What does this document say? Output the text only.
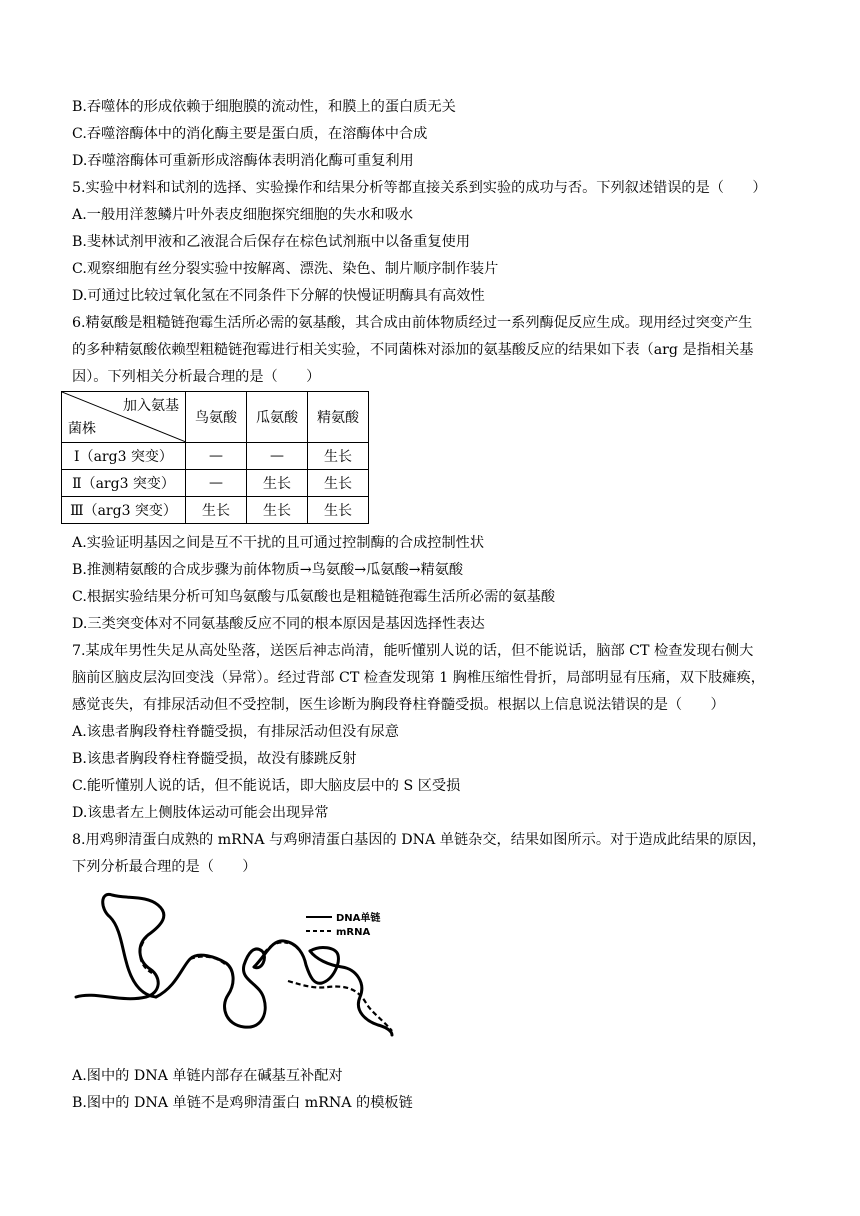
B.吞噬体的形成依赖于细胞膜的流动性，和膜上的蛋白质无关
C.吞噬溶酶体中的消化酶主要是蛋白质，在溶酶体中合成
D.吞噬溶酶体可重新形成溶酶体表明消化酶可重复利用
5.实验中材料和试剂的选择、实验操作和结果分析等都直接关系到实验的成功与否。下列叙述错误的是（　　）
A.一般用洋葱鳞片叶外表皮细胞探究细胞的失水和吸水
B.斐林试剂甲液和乙液混合后保存在棕色试剂瓶中以备重复使用
C.观察细胞有丝分裂实验中按解离、漂洗、染色、制片顺序制作装片
D.可通过比较过氧化氢在不同条件下分解的快慢证明酶具有高效性
6.精氨酸是粗糙链孢霉生活所必需的氨基酸，其合成由前体物质经过一系列酶促反应生成。现用经过突变产生
的多种精氨酸依赖型粗糙链孢霉进行相关实验，不同菌株对添加的氨基酸反应的结果如下表（arg 是指相关基
因）。下列相关分析最合理的是（　　）
加入氨基
菌株	鸟氨酸	瓜氨酸	精氨酸
Ⅰ（arg3 突变）	—	—	生长
Ⅱ（arg3 突变）	—	生长	生长
Ⅲ（arg3 突变）	生长	生长	生长
A.实验证明基因之间是互不干扰的且可通过控制酶的合成控制性状
B.推测精氨酸的合成步骤为前体物质→鸟氨酸→瓜氨酸→精氨酸
C.根据实验结果分析可知鸟氨酸与瓜氨酸也是粗糙链孢霉生活所必需的氨基酸
D.三类突变体对不同氨基酸反应不同的根本原因是基因选择性表达
7.某成年男性失足从高处坠落，送医后神志尚清，能听懂别人说的话，但不能说话，脑部 CT 检查发现右侧大
脑前区脑皮层沟回变浅（异常）。经过背部 CT 检查发现第 1 胸椎压缩性骨折，局部明显有压痛，双下肢瘫痪，
感觉丧失，有排尿活动但不受控制，医生诊断为胸段脊柱脊髓受损。根据以上信息说法错误的是（　　）
A.该患者胸段脊柱脊髓受损，有排尿活动但没有尿意
B.该患者胸段脊柱脊髓受损，故没有膝跳反射
C.能听懂别人说的话，但不能说话，即大脑皮层中的 S 区受损
D.该患者左上侧肢体运动可能会出现异常
8.用鸡卵清蛋白成熟的 mRNA 与鸡卵清蛋白基因的 DNA 单链杂交，结果如图所示。对于造成此结果的原因，
下列分析最合理的是（　　）
DNA单链
mRNA
A.图中的 DNA 单链内部存在碱基互补配对
B.图中的 DNA 单链不是鸡卵清蛋白 mRNA 的模板链
